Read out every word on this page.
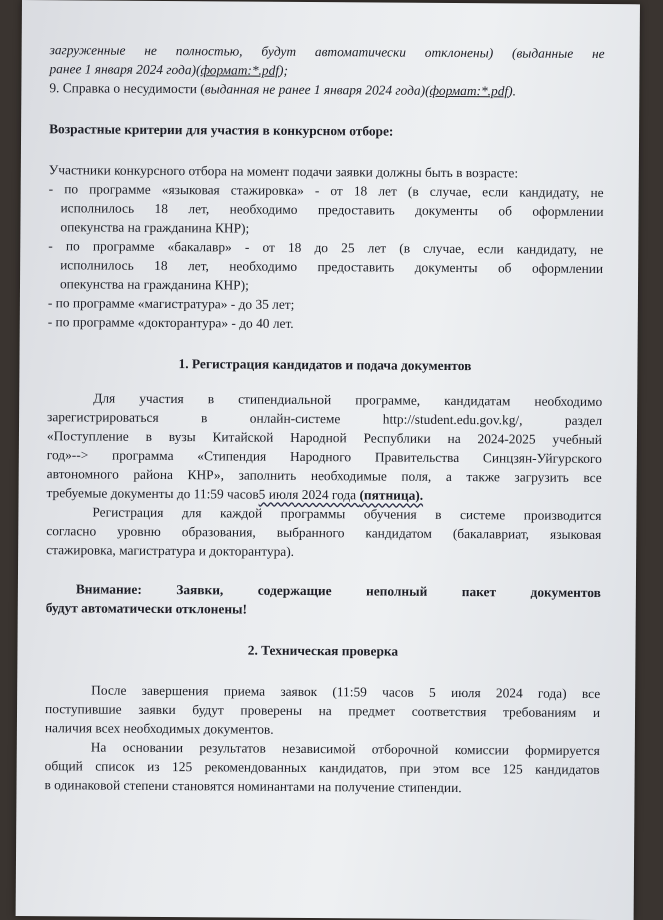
загруженные не полностью, будут автоматически отклонены) (выданные не

ранее 1 января 2024 года)(формат:*.pdf);

9. Справка о несудимости (выданная не ранее 1 января 2024 года)(формат:*.pdf).

Возрастные критерии для участия в конкурсном отборе:

Участники конкурсного отбора на момент подачи заявки должны быть в возрасте:

- по программе «языковая стажировка» - от 18 лет (в случае, если кандидату, не

исполнилось 18 лет, необходимо предоставить документы об оформлении

опекунства на гражданина КНР);

- по программе «бакалавр» - от 18 до 25 лет (в случае, если кандидату, не

исполнилось 18 лет, необходимо предоставить документы об оформлении

опекунства на гражданина КНР);

- по программе «магистратура» - до 35 лет;

- по программе «докторантура» - до 40 лет.

1. Регистрация кандидатов и подача документов

Для участия в стипендиальной программе, кандидатам необходимо

зарегистрироваться в онлайн-системе http://student.edu.gov.kg/, раздел

«Поступление в вузы Китайской Народной Республики на 2024-2025 учебный

год»--> программа «Стипендия Народного Правительства Синцзян-Уйгурского

автономного района КНР», заполнить необходимые поля, а также загрузить все

требуемые документы до 11:59 часов5 июля 2024 года (пятница).

Регистрация для каждой программы обучения в системе производится

согласно уровню образования, выбранного кандидатом (бакалавриат, языковая

стажировка, магистратура и докторантура).

Внимание: Заявки, содержащие неполный пакет документов

будут автоматически отклонены!

2. Техническая проверка

После завершения приема заявок (11:59 часов 5 июля 2024 года) все

поступившие заявки будут проверены на предмет соответствия требованиям и

наличия всех необходимых документов.

На основании результатов независимой отборочной комиссии формируется

общий список из 125 рекомендованных кандидатов, при этом все 125 кандидатов

в одинаковой степени становятся номинантами на получение стипендии.
